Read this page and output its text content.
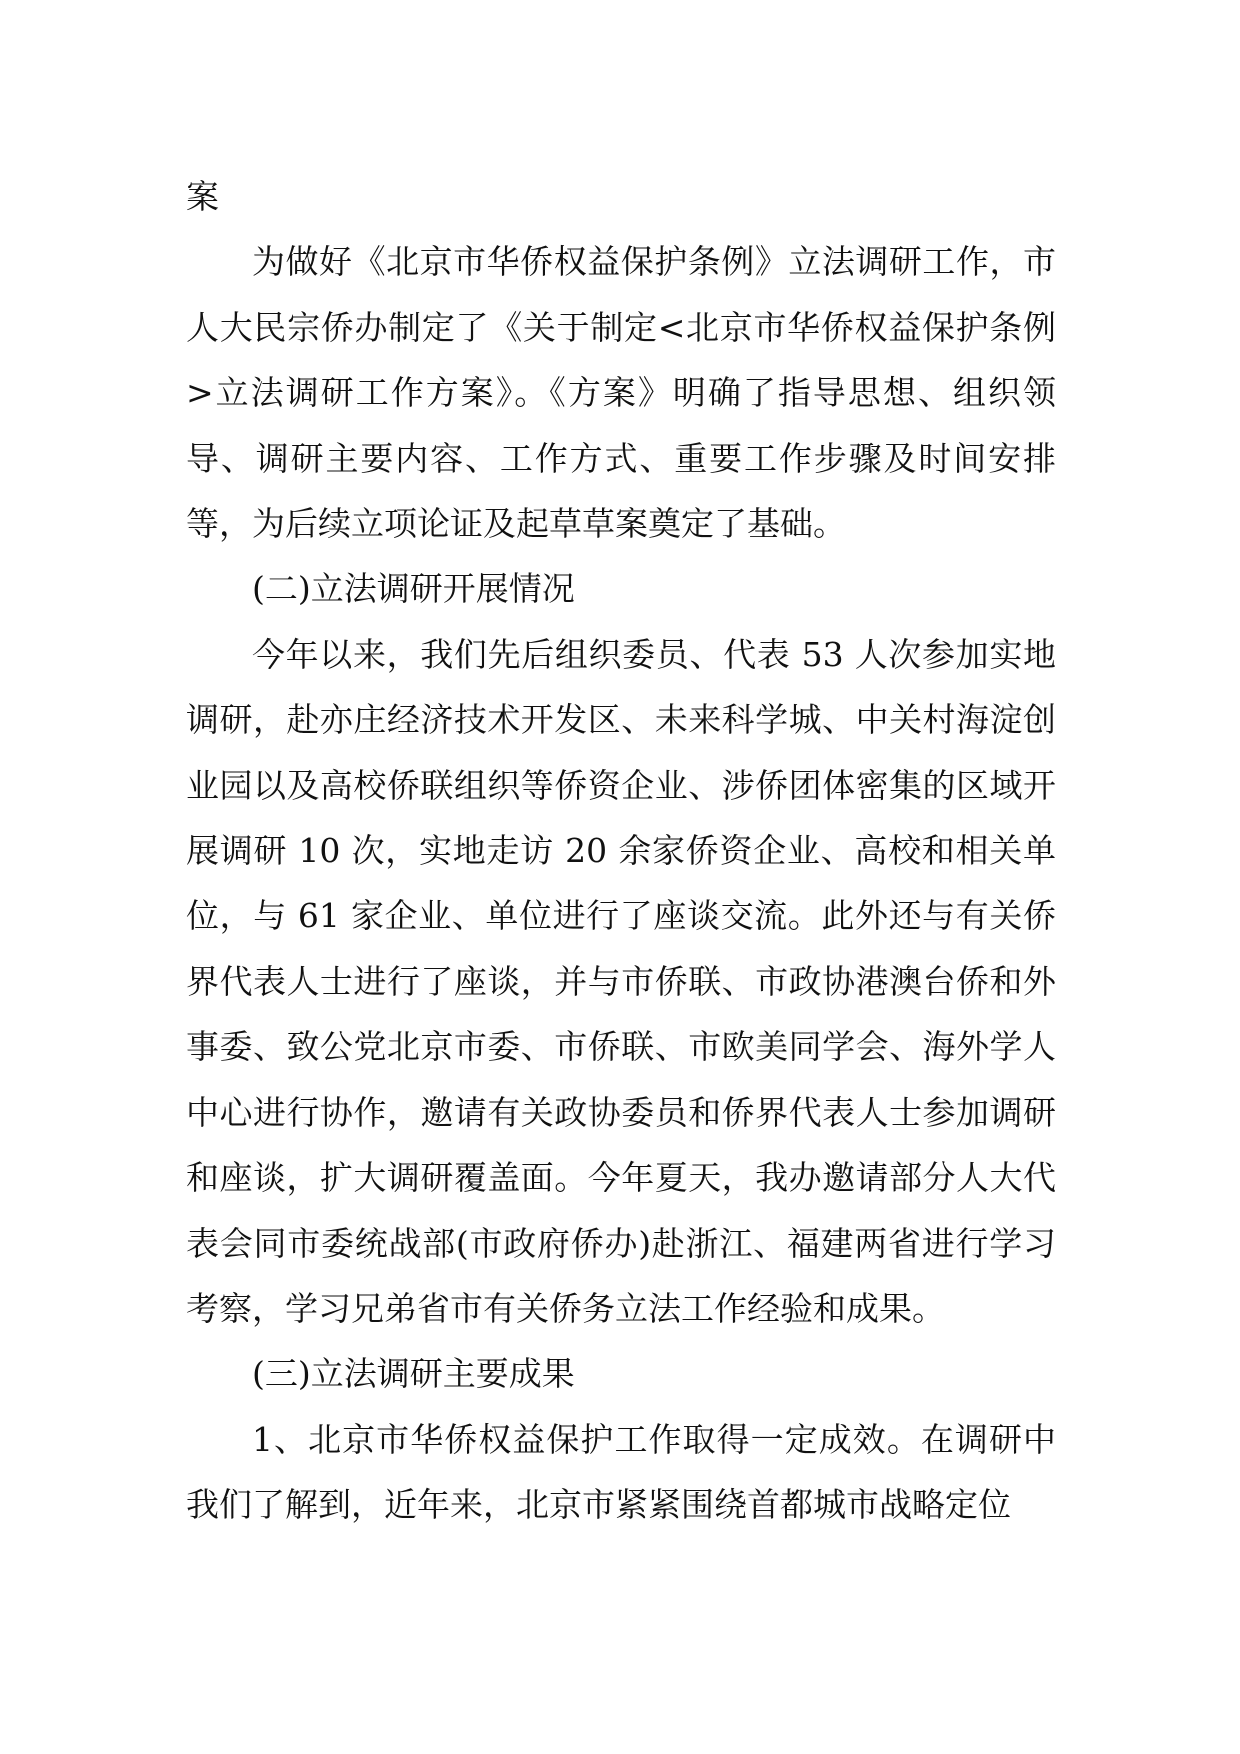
案

为做好《北京市华侨权益保护条例》立法调研工作，市人大民宗侨办制定了《关于制定<北京市华侨权益保护条例>立法调研工作方案》。《方案》明确了指导思想、组织领导、调研主要内容、工作方式、重要工作步骤及时间安排等，为后续立项论证及起草草案奠定了基础。

(二)立法调研开展情况

今年以来，我们先后组织委员、代表 53 人次参加实地调研，赴亦庄经济技术开发区、未来科学城、中关村海淀创业园以及高校侨联组织等侨资企业、涉侨团体密集的区域开展调研 10 次，实地走访 20 余家侨资企业、高校和相关单位，与 61 家企业、单位进行了座谈交流。此外还与有关侨界代表人士进行了座谈，并与市侨联、市政协港澳台侨和外事委、致公党北京市委、市侨联、市欧美同学会、海外学人中心进行协作，邀请有关政协委员和侨界代表人士参加调研和座谈，扩大调研覆盖面。今年夏天，我办邀请部分人大代表会同市委统战部(市政府侨办)赴浙江、福建两省进行学习考察，学习兄弟省市有关侨务立法工作经验和成果。

(三)立法调研主要成果

1、北京市华侨权益保护工作取得一定成效。在调研中我们了解到，近年来，北京市紧紧围绕首都城市战略定位
